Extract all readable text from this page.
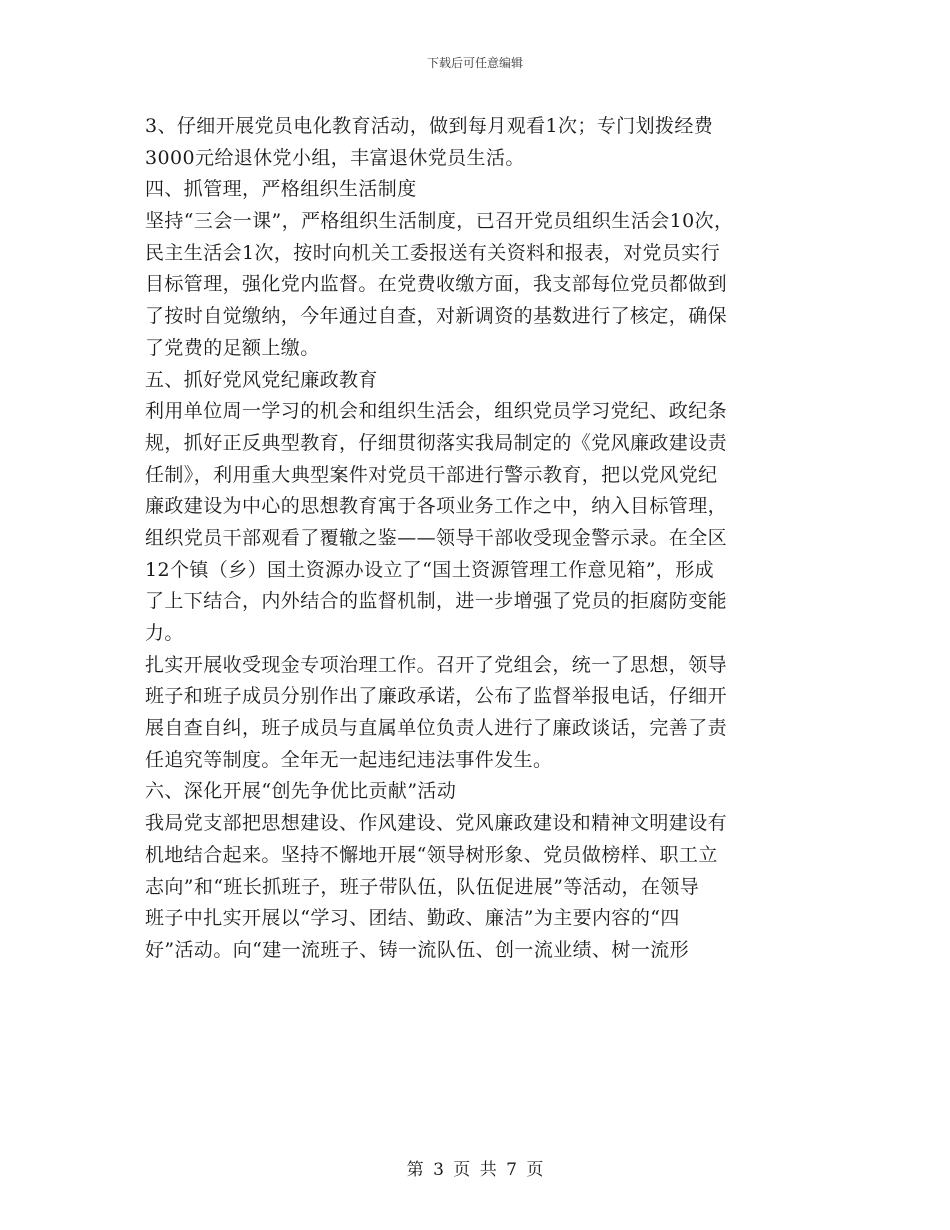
下载后可任意编辑
3、仔细开展党员电化教育活动，做到每月观看1次；专门划拨经费
3000元给退休党小组，丰富退休党员生活。
四、抓管理，严格组织生活制度
坚持“三会一课”，严格组织生活制度，已召开党员组织生活会10次，
民主生活会1次，按时向机关工委报送有关资料和报表，对党员实行
目标管理，强化党内监督。在党费收缴方面，我支部每位党员都做到
了按时自觉缴纳，今年通过自查，对新调资的基数进行了核定，确保
了党费的足额上缴。
五、抓好党风党纪廉政教育
利用单位周一学习的机会和组织生活会，组织党员学习党纪、政纪条
规，抓好正反典型教育，仔细贯彻落实我局制定的《党风廉政建设责
任制》，利用重大典型案件对党员干部进行警示教育，把以党风党纪
廉政建设为中心的思想教育寓于各项业务工作之中，纳入目标管理，
组织党员干部观看了覆辙之鉴——领导干部收受现金警示录。在全区
12个镇（乡）国土资源办设立了“国土资源管理工作意见箱”，形成
了上下结合，内外结合的监督机制，进一步增强了党员的拒腐防变能
力。
扎实开展收受现金专项治理工作。召开了党组会，统一了思想，领导
班子和班子成员分别作出了廉政承诺，公布了监督举报电话，仔细开
展自查自纠，班子成员与直属单位负责人进行了廉政谈话，完善了责
任追究等制度。全年无一起违纪违法事件发生。
六、深化开展“创先争优比贡献”活动
我局党支部把思想建设、作风建设、党风廉政建设和精神文明建设有
机地结合起来。坚持不懈地开展“领导树形象、党员做榜样、职工立
志向”和“班长抓班子，班子带队伍，队伍促进展”等活动，在领导
班子中扎实开展以“学习、团结、勤政、廉洁”为主要内容的“四
好”活动。向“建一流班子、铸一流队伍、创一流业绩、树一流形
第 3 页 共 7 页
